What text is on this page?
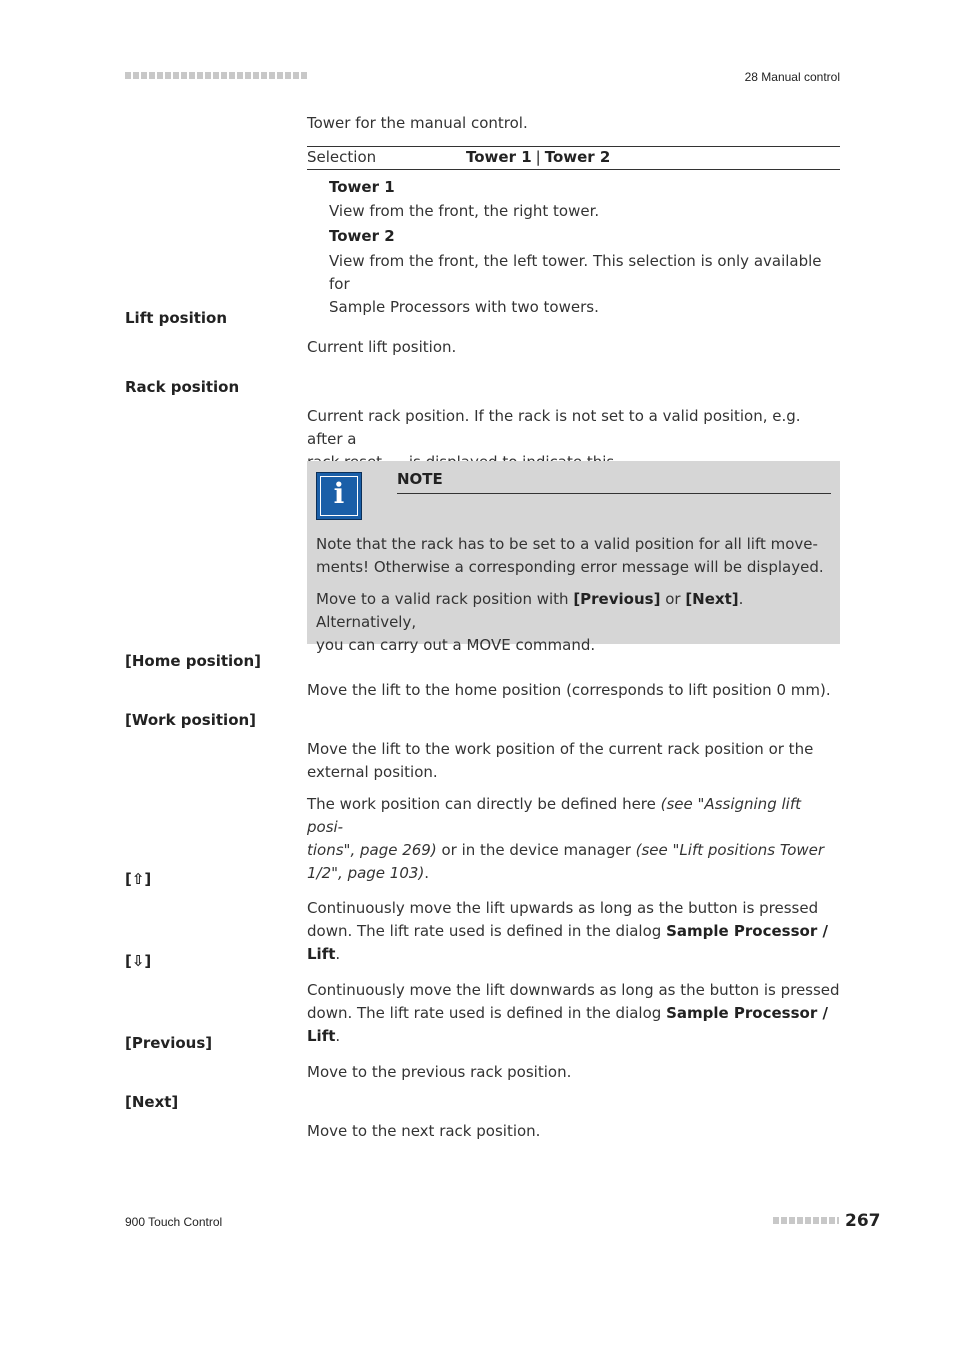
28 Manual control
Tower for the manual control.
Selection	Tower 1 | Tower 2
Tower 1
View from the front, the right tower.
Tower 2
View from the front, the left tower. This selection is only available for
Sample Processors with two towers.
Lift position
Current lift position.
Rack position
Current rack position. If the rack is not set to a valid position, e.g. after a
i	NOTE
Note that the rack has to be set to a valid position for all lift move-
ments! Otherwise a corresponding error message will be displayed.
Move to a valid rack position with [Previous] or [Next]. Alternatively,
you can carry out a MOVE command.
[Home position]
Move the lift to the home position (corresponds to lift position 0 mm).
[Work position]
Move the lift to the work position of the current rack position or the
external position.
The work position can directly be defined here (see "Assigning lift posi-
tions", page 269) or in the device manager (see "Lift positions Tower
1/2", page 103).
[⇧]
Continuously move the lift upwards as long as the button is pressed
down. The lift rate used is defined in the dialog Sample Processor / Lift.
[⇩]
Continuously move the lift downwards as long as the button is pressed
down. The lift rate used is defined in the dialog Sample Processor / Lift.
[Previous]
Move to the previous rack position.
[Next]
Move to the next rack position.
900 Touch Control	267
